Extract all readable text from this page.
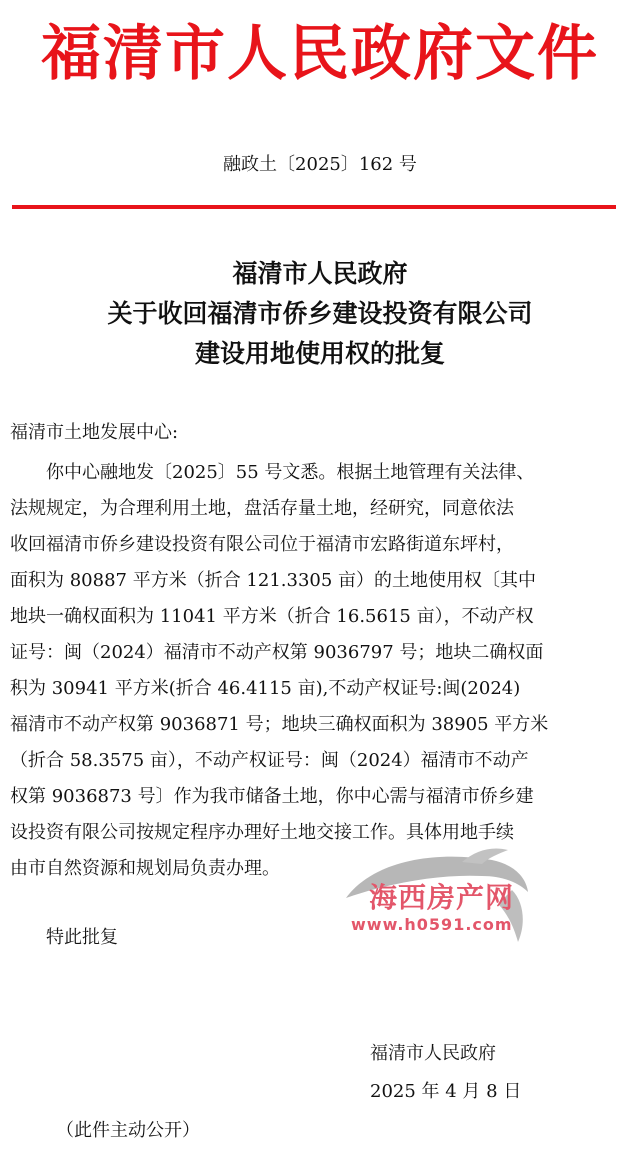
福清市人民政府文件
融政土〔2025〕162 号
福清市人民政府
关于收回福清市侨乡建设投资有限公司
建设用地使用权的批复
福清市土地发展中心:
你中心融地发〔2025〕55 号文悉。根据土地管理有关法律、
法规规定，为合理利用土地，盘活存量土地，经研究，同意依法
收回福清市侨乡建设投资有限公司位于福清市宏路街道东坪村，
面积为 80887 平方米（折合 121.3305 亩）的土地使用权〔其中
地块一确权面积为 11041 平方米（折合 16.5615 亩），不动产权
证号：闽（2024）福清市不动产权第 9036797 号；地块二确权面
积为 30941 平方米(折合 46.4115 亩),不动产权证号:闽(2024)
福清市不动产权第 9036871 号；地块三确权面积为 38905 平方米
（折合 58.3575 亩），不动产权证号：闽（2024）福清市不动产
权第 9036873 号〕作为我市储备土地，你中心需与福清市侨乡建
设投资有限公司按规定程序办理好土地交接工作。具体用地手续
由市自然资源和规划局负责办理。
海西房产网
www.h0591.com
特此批复
福清市人民政府
2025 年 4 月 8 日
（此件主动公开）
